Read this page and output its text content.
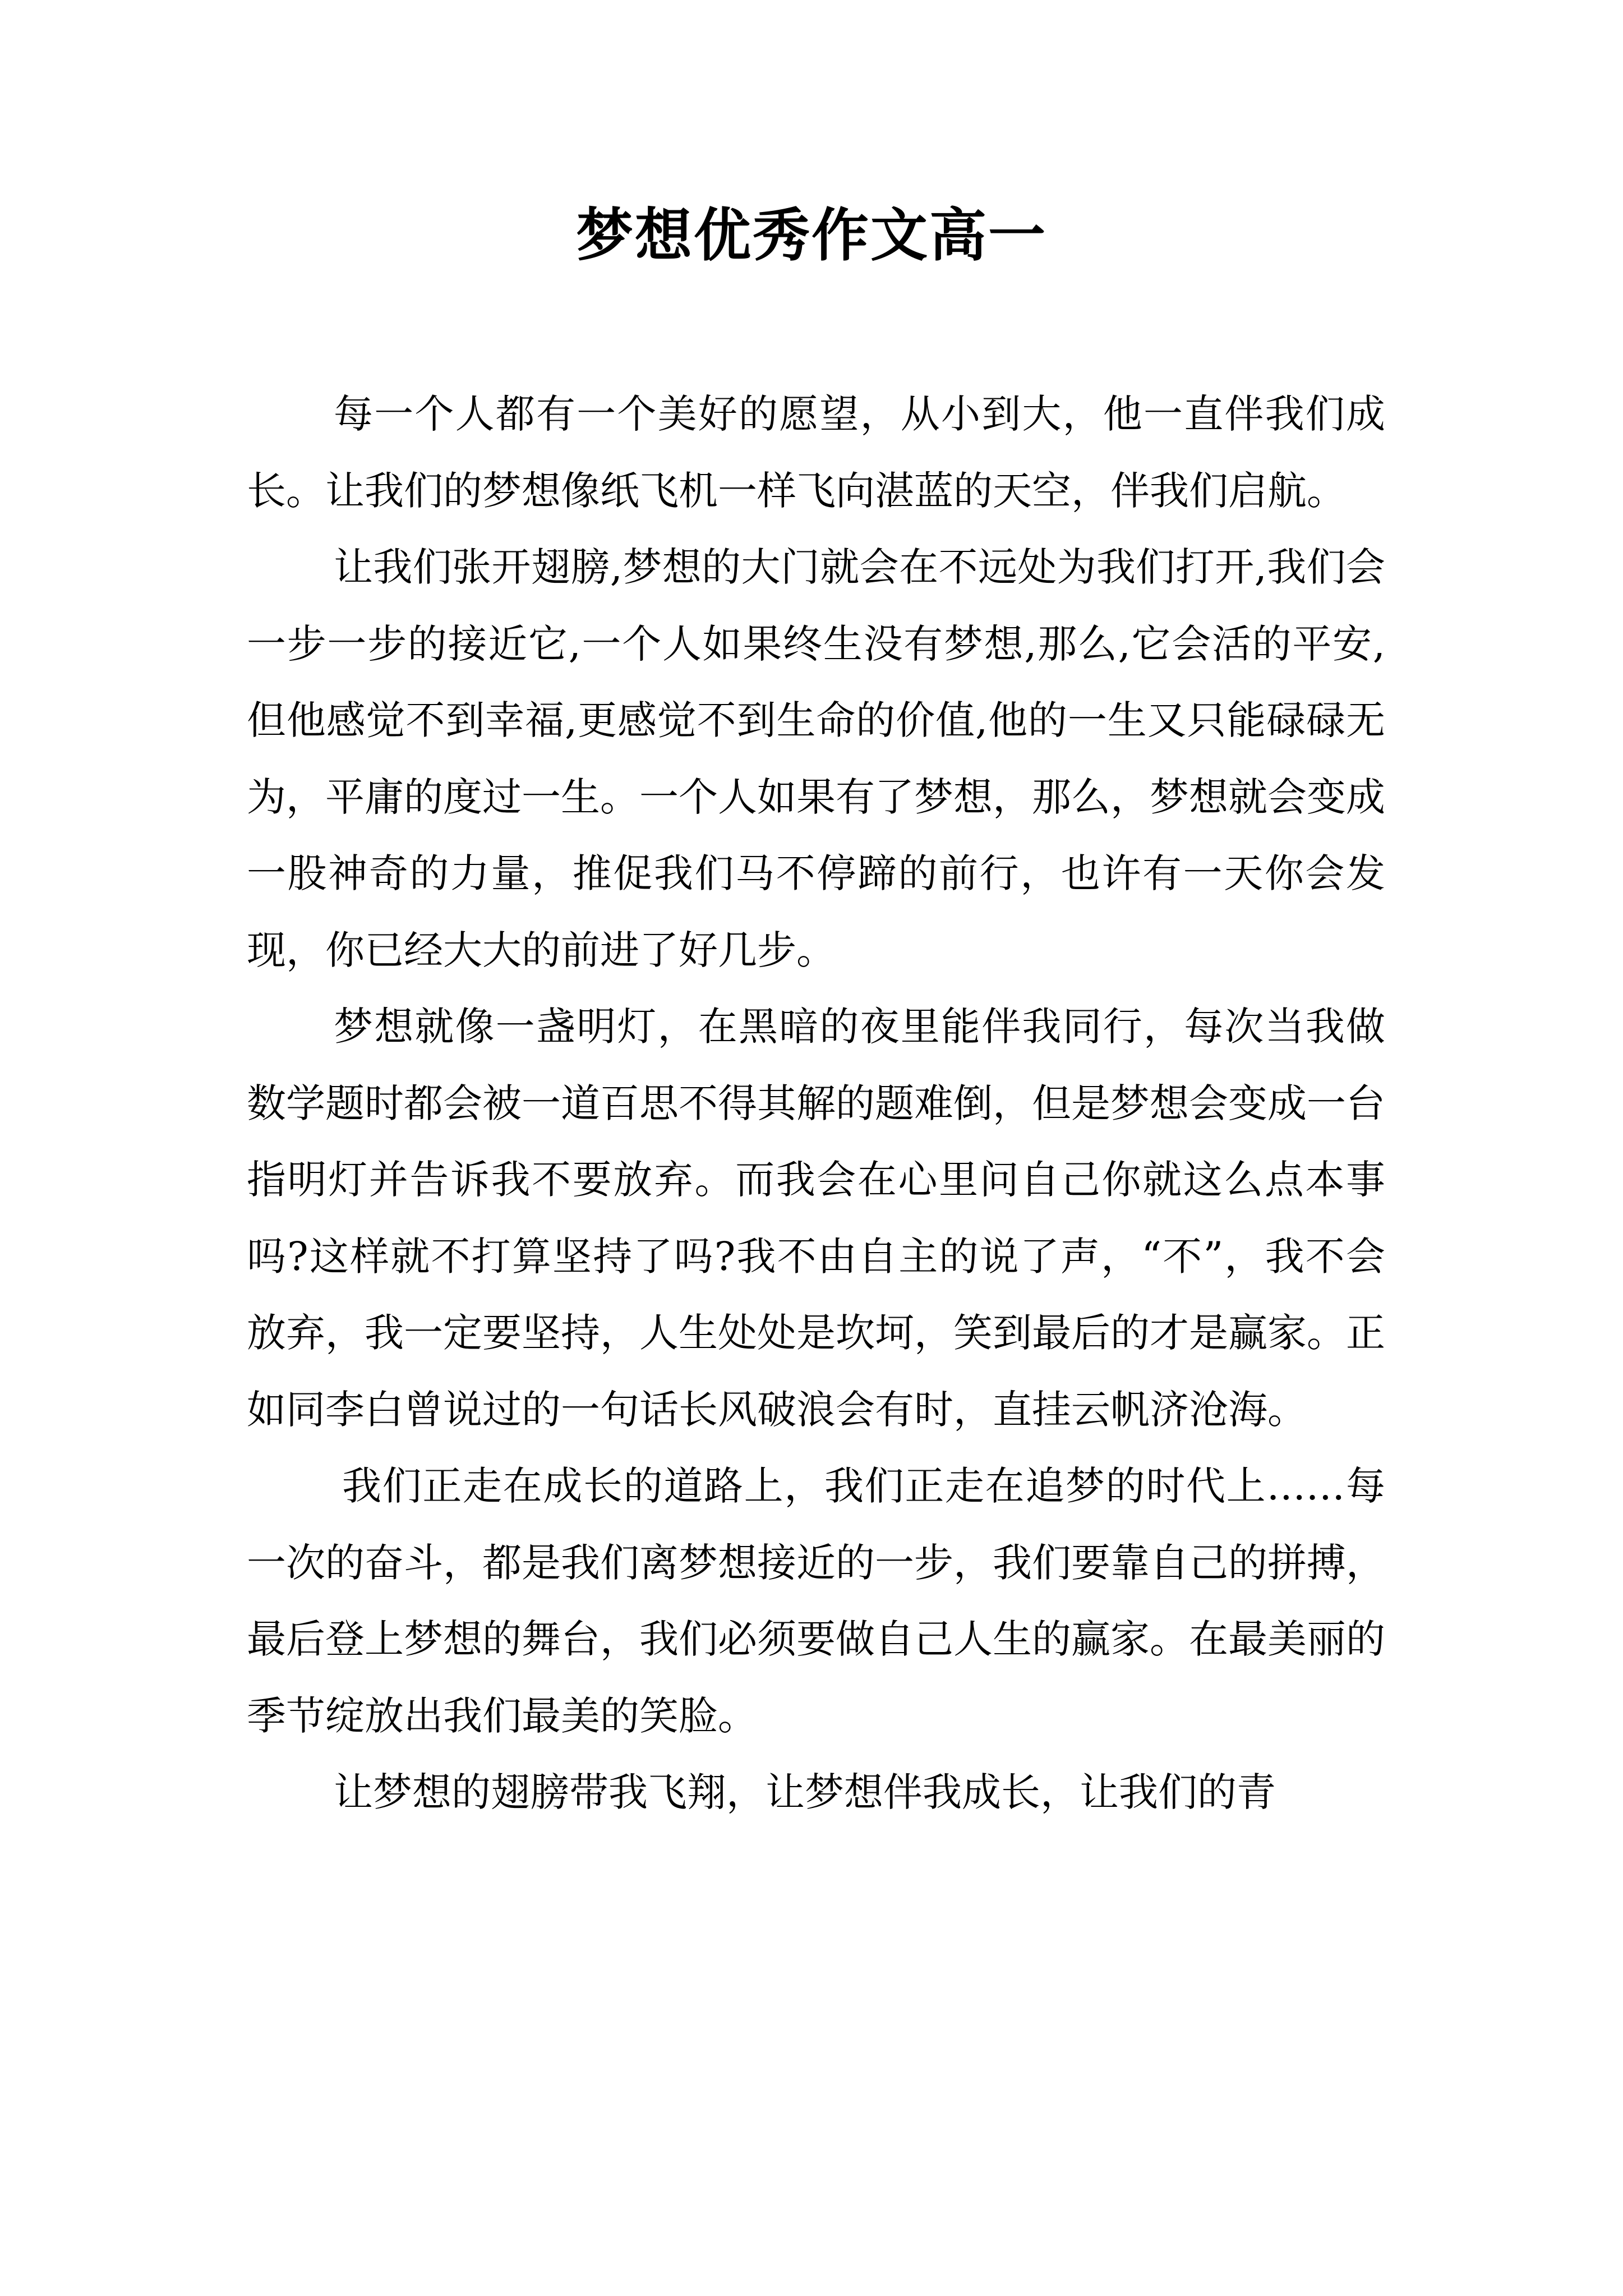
梦想优秀作文高一

每一个人都有一个美好的愿望，从小到大，他一直伴我们成长。让我们的梦想像纸飞机一样飞向湛蓝的天空，伴我们启航。

让我们张开翅膀,梦想的大门就会在不远处为我们打开,我们会一步一步的接近它,一个人如果终生没有梦想,那么,它会活的平安,但他感觉不到幸福,更感觉不到生命的价值,他的一生又只能碌碌无为，平庸的度过一生。一个人如果有了梦想，那么，梦想就会变成一股神奇的力量，推促我们马不停蹄的前行，也许有一天你会发现，你已经大大的前进了好几步。

梦想就像一盏明灯，在黑暗的夜里能伴我同行，每次当我做数学题时都会被一道百思不得其解的题难倒，但是梦想会变成一台指明灯并告诉我不要放弃。而我会在心里问自己你就这么点本事吗?这样就不打算坚持了吗?我不由自主的说了声，“不”，我不会放弃，我一定要坚持，人生处处是坎坷，笑到最后的才是赢家。正如同李白曾说过的一句话长风破浪会有时，直挂云帆济沧海。

我们正走在成长的道路上，我们正走在追梦的时代上……每一次的奋斗，都是我们离梦想接近的一步，我们要靠自己的拼搏，最后登上梦想的舞台，我们必须要做自己人生的赢家。在最美丽的季节绽放出我们最美的笑脸。

让梦想的翅膀带我飞翔，让梦想伴我成长，让我们的青
